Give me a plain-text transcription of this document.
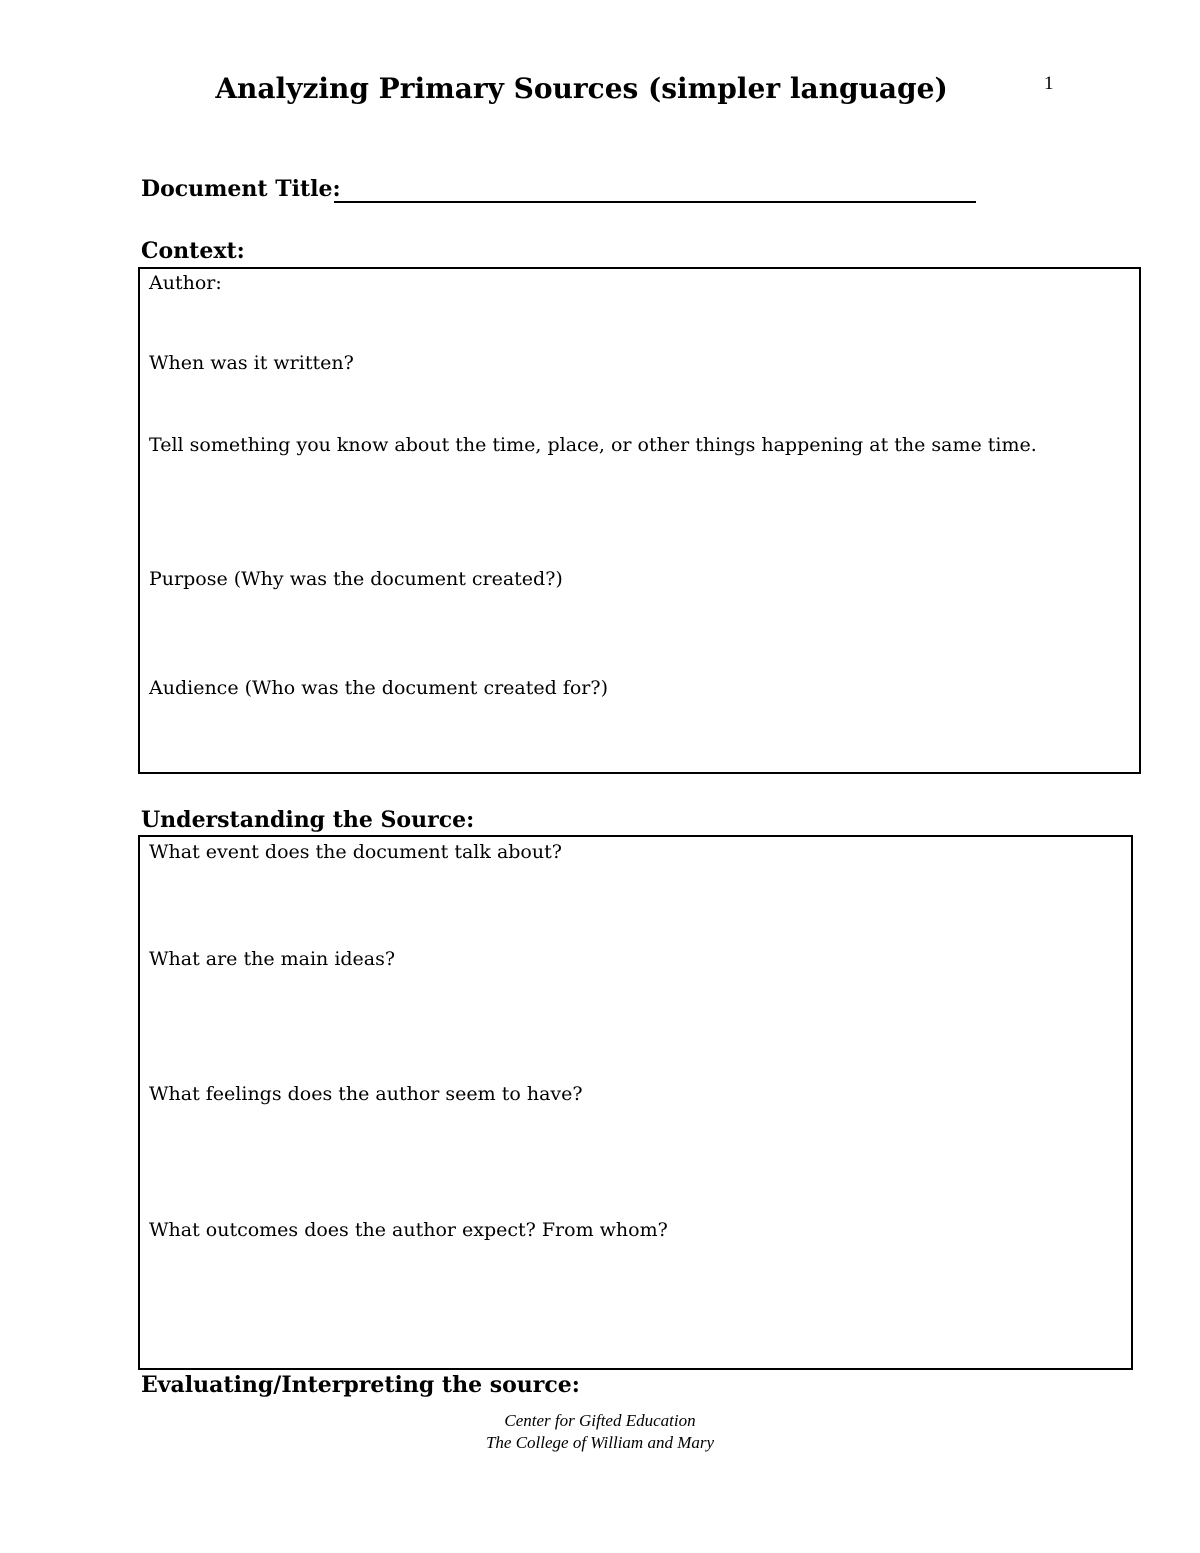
Analyzing Primary Sources (simpler language)	1
Document Title:
Context:
Author:
When was it written?
Tell something you know about the time, place, or other things happening at the same time.
Purpose (Why was the document created?)
Audience (Who was the document created for?)
Understanding the Source:
What event does the document talk about?
What are the main ideas?
What feelings does the author seem to have?
What outcomes does the author expect? From whom?
Evaluating/Interpreting the source:
Center for Gifted Education
The College of William and Mary
